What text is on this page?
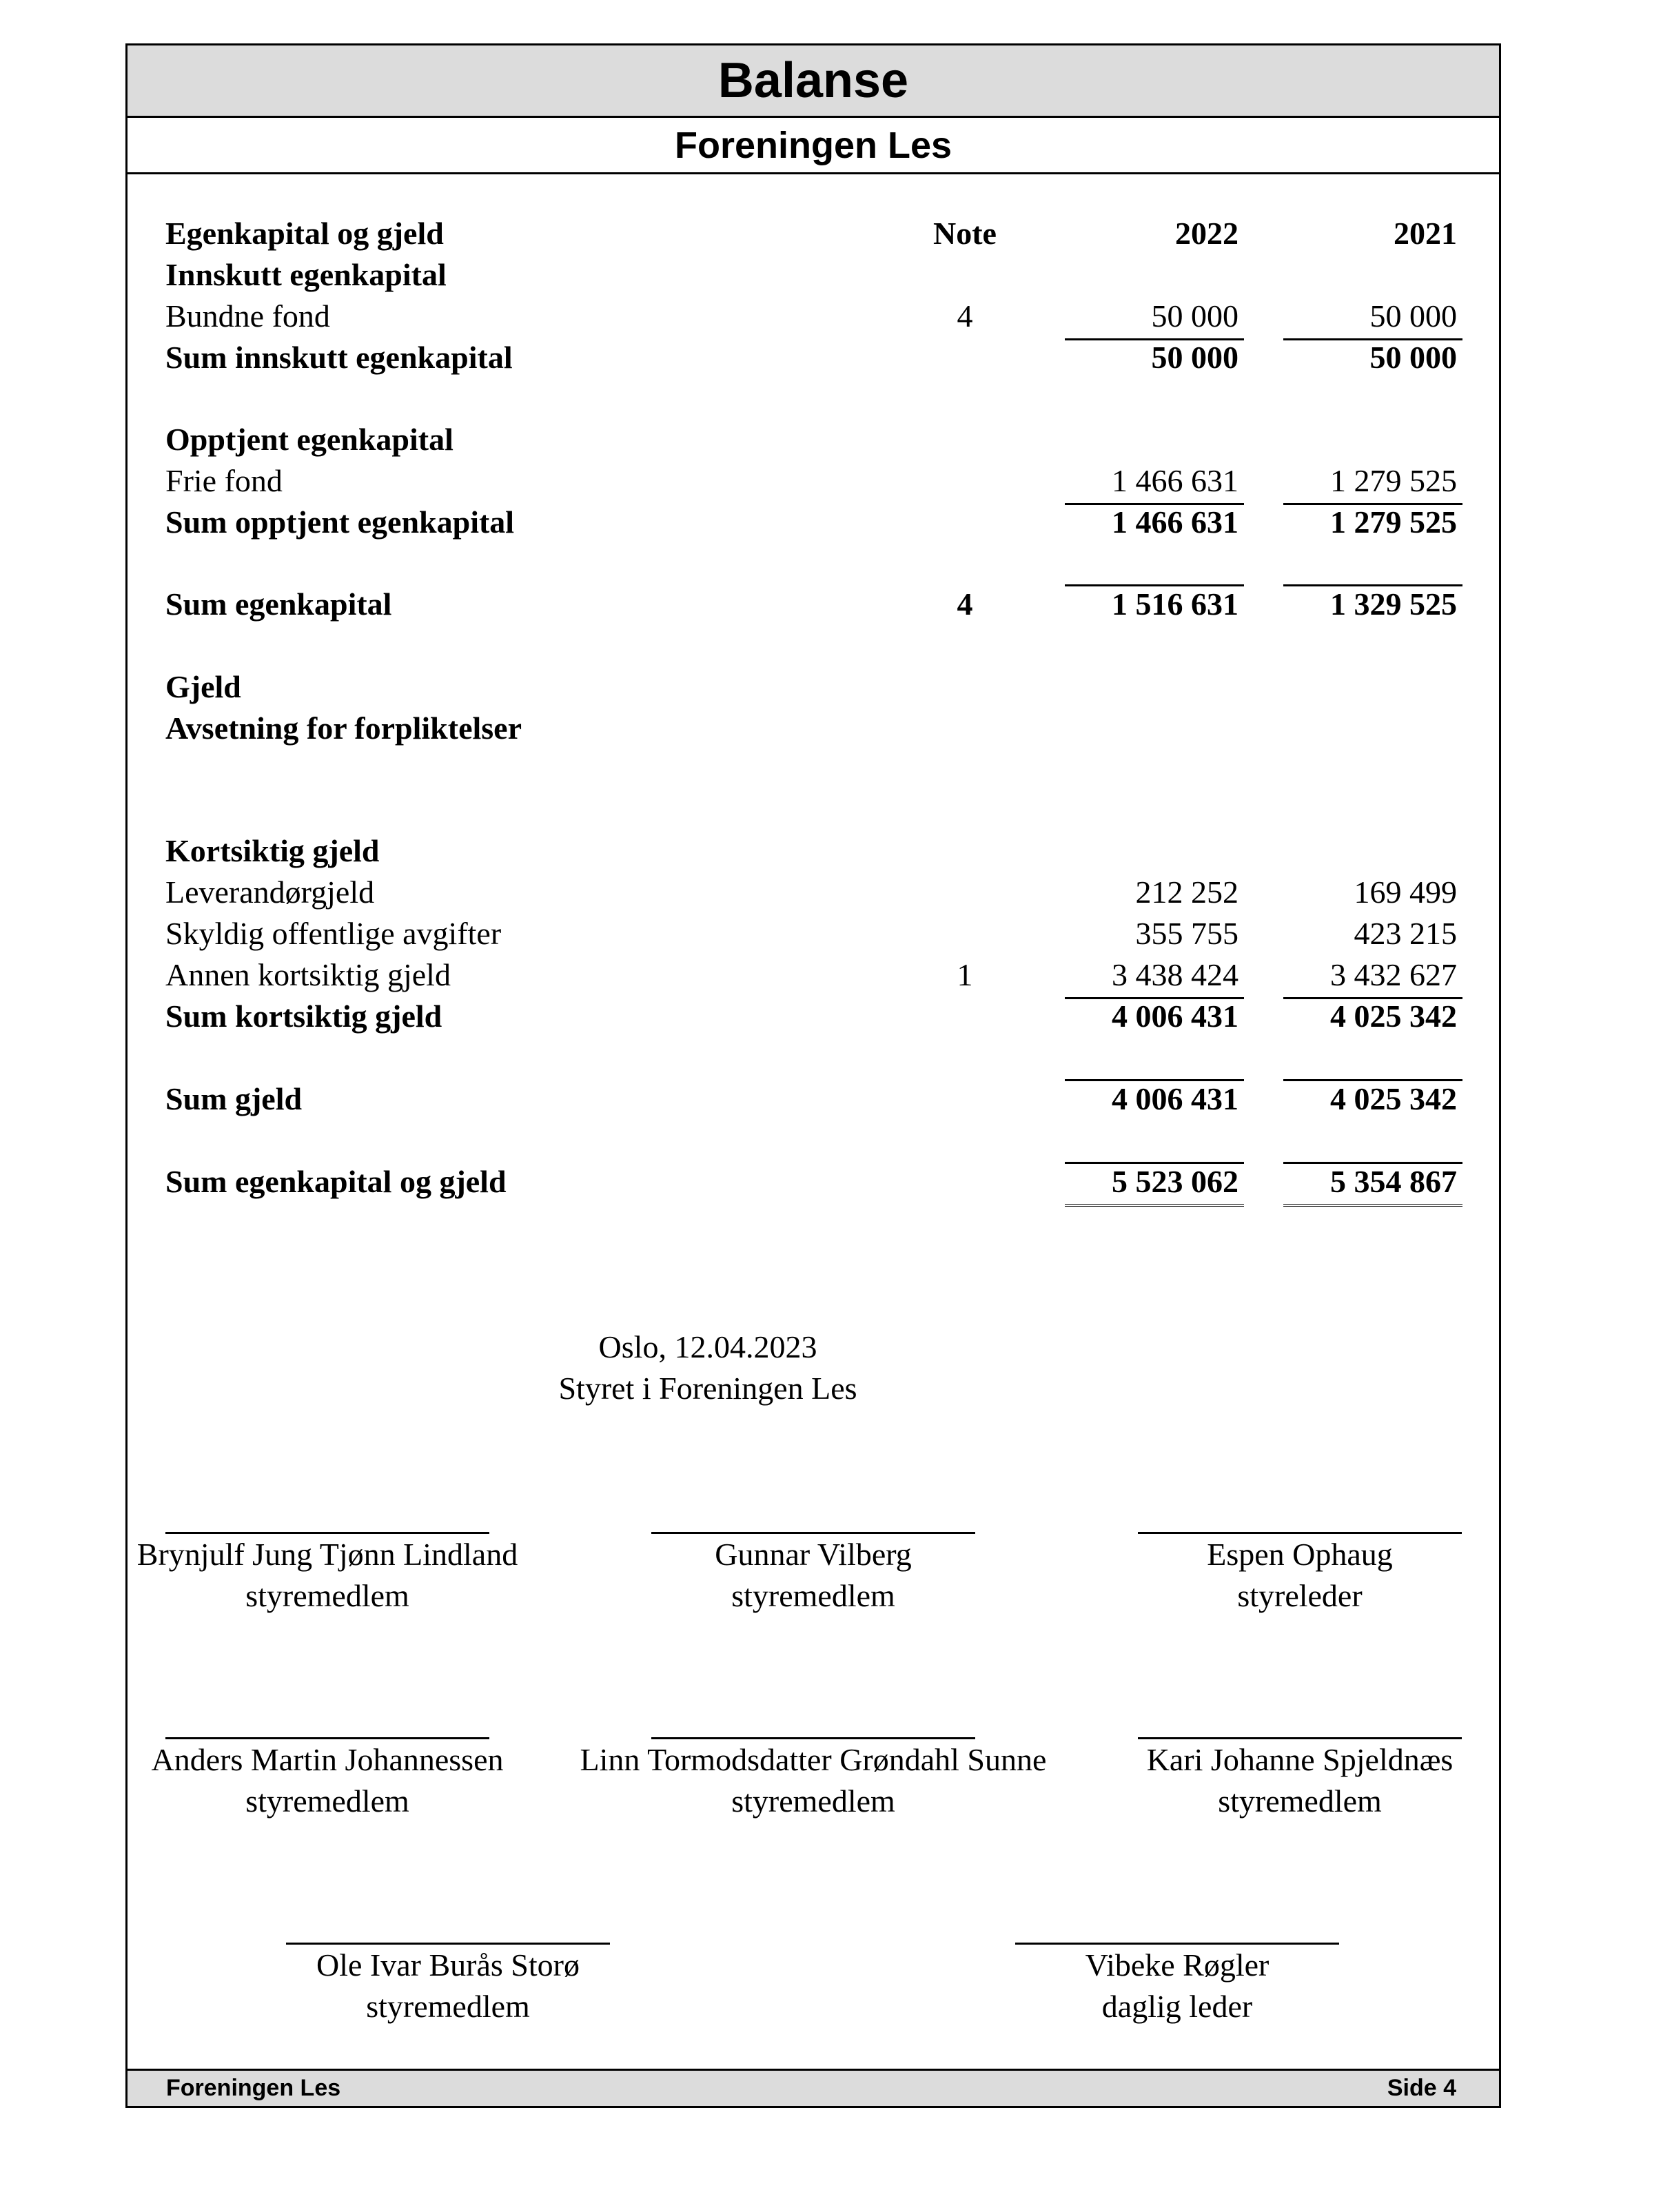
Balanse
Foreningen Les
Foreningen Les	Side 4
Egenkapital og gjeld	Note	2022	2021
Innskutt egenkapital
Bundne fond	4	50 000	50 000
Sum innskutt egenkapital	50 000	50 000
Opptjent egenkapital
Frie fond	1 466 631	1 279 525
Sum opptjent egenkapital	1 466 631	1 279 525
Sum egenkapital	4	1 516 631	1 329 525
Gjeld
Avsetning for forpliktelser
Kortsiktig gjeld
Leverandørgjeld	212 252	169 499
Skyldig offentlige avgifter	355 755	423 215
Annen kortsiktig gjeld	1	3 438 424	3 432 627
Sum kortsiktig gjeld	4 006 431	4 025 342
Sum gjeld	4 006 431	4 025 342
Sum egenkapital og gjeld	5 523 062	5 354 867
Oslo, 12.04.2023
Styret i Foreningen Les
Brynjulf Jung Tjønn Lindland
styremedlem
Gunnar Vilberg
styremedlem
Espen Ophaug
styreleder
Anders Martin Johannessen
styremedlem
Linn Tormodsdatter Grøndahl Sunne
styremedlem
Kari Johanne Spjeldnæs
styremedlem
Ole Ivar Burås Storø
styremedlem
Vibeke Røgler
daglig leder
